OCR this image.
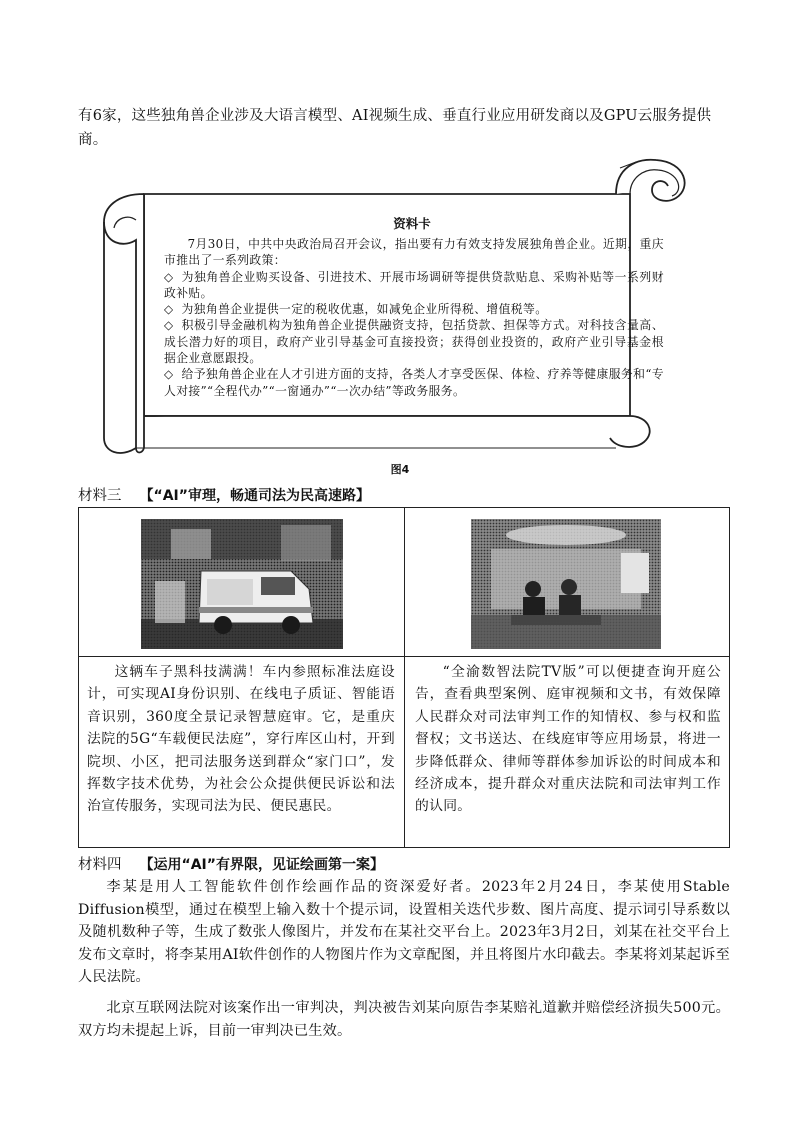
有6家，这些独角兽企业涉及大语言模型、AI视频生成、垂直行业应用研发商以及GPU云服务提供商。
资料卡

7月30日，中共中央政治局召开会议，指出要有力有效支持发展独角兽企业。近期，重庆市推出了一系列政策：

◇ 为独角兽企业购买设备、引进技术、开展市场调研等提供贷款贴息、采购补贴等一系列财政补贴。

◇ 为独角兽企业提供一定的税收优惠，如减免企业所得税、增值税等。

◇ 积极引导金融机构为独角兽企业提供融资支持，包括贷款、担保等方式。对科技含量高、成长潜力好的项目，政府产业引导基金可直接投资；获得创业投资的，政府产业引导基金根据企业意愿跟投。

◇ 给予独角兽企业在人才引进方面的支持，各类人才享受医保、体检、疗养等健康服务和“专人对接”“全程代办”“一窗通办”“一次办结”等政务服务。

图4
材料三 【“AI”审理，畅通司法为民高速路】
这辆车子黑科技满满！车内参照标准法庭设计，可实现AI身份识别、在线电子质证、智能语音识别，360度全景记录智慧庭审。它，是重庆法院的5G“车载便民法庭”，穿行库区山村，开到院坝、小区，把司法服务送到群众“家门口”，发挥数字技术优势，为社会公众提供便民诉讼和法治宣传服务，实现司法为民、便民惠民。
“全渝数智法院TV版”可以便捷查询开庭公告，查看典型案例、庭审视频和文书，有效保障人民群众对司法审判工作的知情权、参与权和监督权；文书送达、在线庭审等应用场景，将进一步降低群众、律师等群体参加诉讼的时间成本和经济成本，提升群众对重庆法院和司法审判工作的认同。
材料四 【运用“AI”有界限，见证绘画第一案】
李某是用人工智能软件创作绘画作品的资深爱好者。2023年2月24日，李某使用Stable Diffusion模型，通过在模型上输入数十个提示词，设置相关迭代步数、图片高度、提示词引导系数以及随机数种子等，生成了数张人像图片，并发布在某社交平台上。2023年3月2日，刘某在社交平台上发布文章时，将李某用AI软件创作的人物图片作为文章配图，并且将图片水印截去。李某将刘某起诉至人民法院。
北京互联网法院对该案作出一审判决，判决被告刘某向原告李某赔礼道歉并赔偿经济损失500元。双方均未提起上诉，目前一审判决已生效。
